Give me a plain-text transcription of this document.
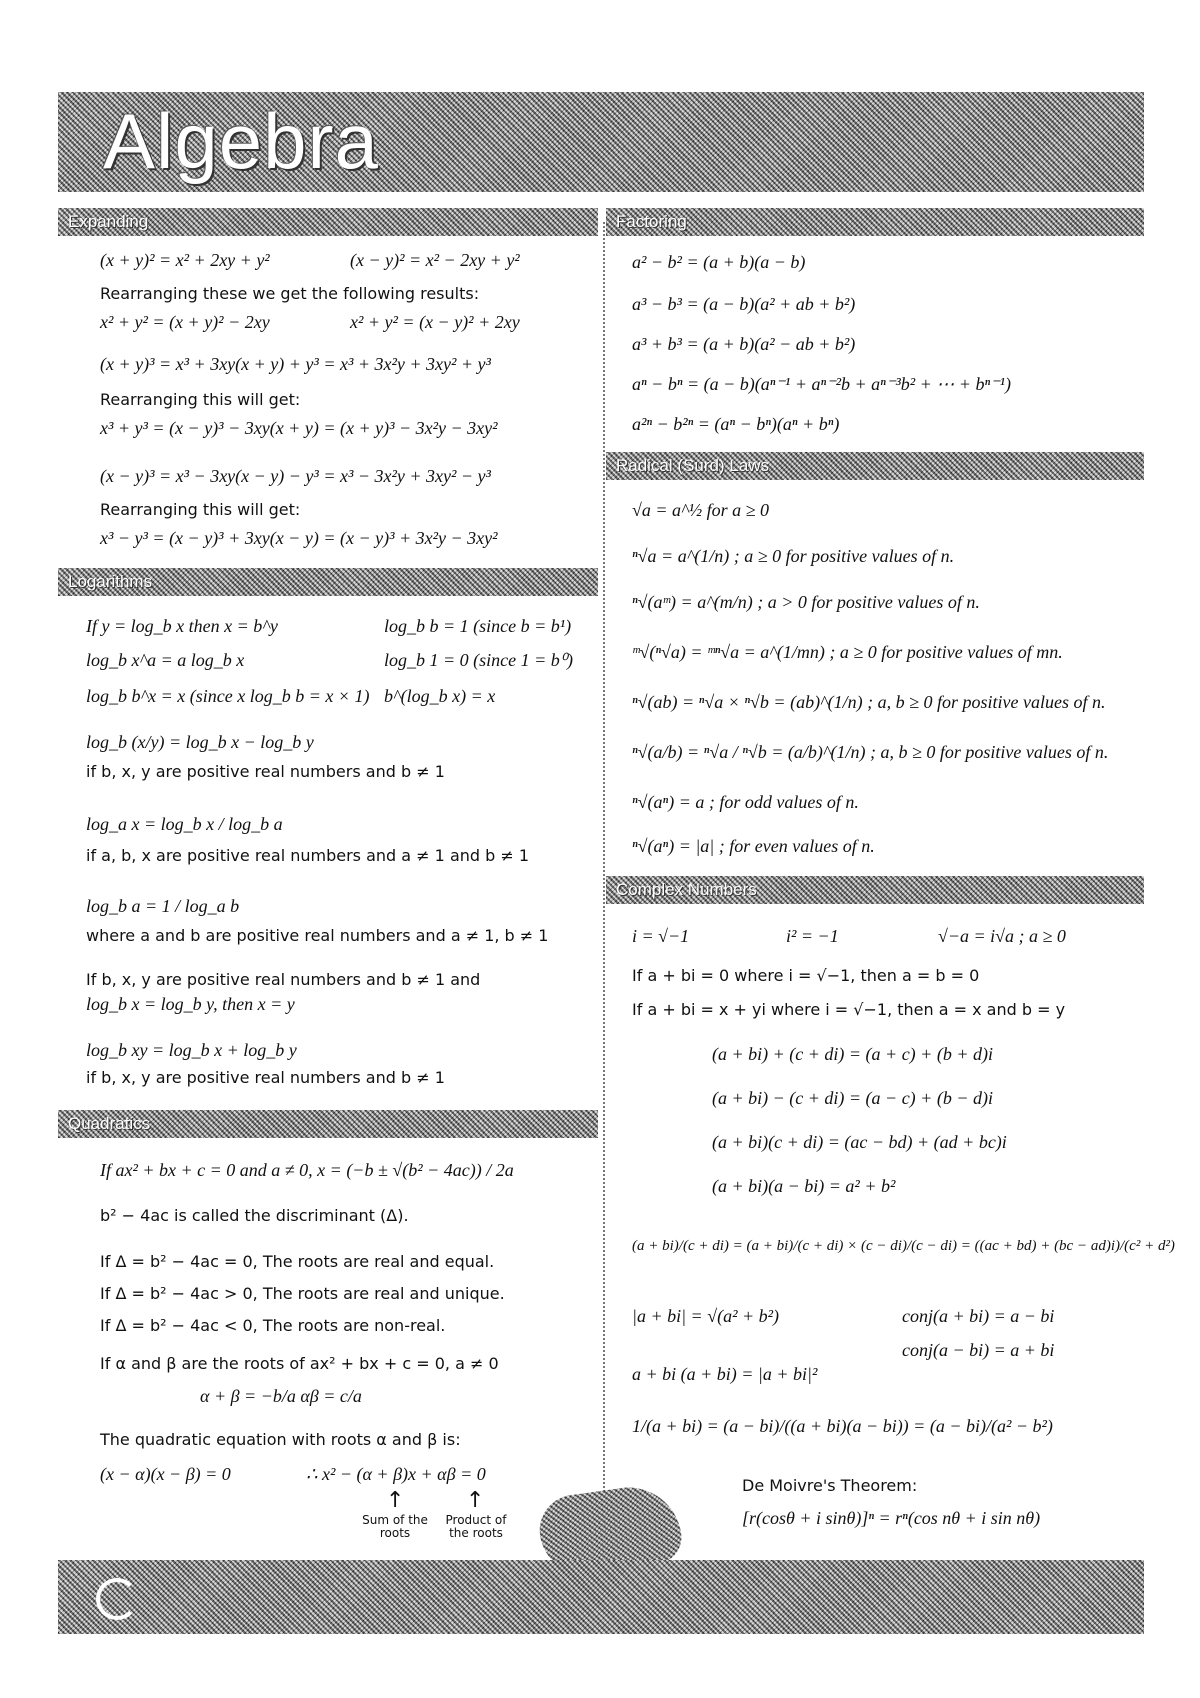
Algebra
Expanding
(x + y)² = x² + 2xy + y²	(x − y)² = x² − 2xy + y²
Rearranging these we get the following results:
x² + y² = (x + y)² − 2xy	x² + y² = (x − y)² + 2xy
(x + y)³ = x³ + 3xy(x + y) + y³ = x³ + 3x²y + 3xy² + y³
Rearranging this will get:
x³ + y³ = (x − y)³ − 3xy(x + y) = (x + y)³ − 3x²y − 3xy²
(x − y)³ = x³ − 3xy(x − y) − y³ = x³ − 3x²y + 3xy² − y³
Rearranging this will get:
x³ − y³ = (x − y)³ + 3xy(x − y) = (x − y)³ + 3x²y − 3xy²
Logarithms
If y = log_b x then x = b^y	log_b b = 1 (since b = b¹)
log_b x^a = a log_b x	log_b 1 = 0 (since 1 = b⁰)
log_b b^x = x (since x log_b b = x × 1) b^(log_b x) = x
log_b (x/y) = log_b x − log_b y
if b, x, y are positive real numbers and b ≠ 1
log_a x = log_b x / log_b a
if a, b, x are positive real numbers and a ≠ 1 and b ≠ 1
log_b a = 1 / log_a b
where a and b are positive real numbers and a ≠ 1, b ≠ 1
If b, x, y are positive real numbers and b ≠ 1 and
log_b x = log_b y, then x = y
log_b xy = log_b x + log_b y
if b, x, y are positive real numbers and b ≠ 1
Quadratics
If ax² + bx + c = 0 and a ≠ 0, x = (−b ± √(b² − 4ac)) / 2a
b² − 4ac is called the discriminant (Δ).
If Δ = b² − 4ac = 0, The roots are real and equal.
If Δ = b² − 4ac > 0, The roots are real and unique.
If Δ = b² − 4ac < 0, The roots are non-real.
If α and β are the roots of ax² + bx + c = 0, a ≠ 0
α + β = −b/a αβ = c/a
The quadratic equation with roots α and β is:
(x − α)(x − β) = 0	∴ x² − (α + β)x + αβ = 0
↑	↑
Sum of the roots
Product of the roots
Factoring
a² − b² = (a + b)(a − b)
a³ − b³ = (a − b)(a² + ab + b²)
a³ + b³ = (a + b)(a² − ab + b²)
aⁿ − bⁿ = (a − b)(aⁿ⁻¹ + aⁿ⁻²b + aⁿ⁻³b² + ⋯ + bⁿ⁻¹)
a²ⁿ − b²ⁿ = (aⁿ − bⁿ)(aⁿ + bⁿ)
Radical (Surd) Laws
√a = a^½ for a ≥ 0
ⁿ√a = a^(1/n) ; a ≥ 0 for positive values of n.
ⁿ√(aᵐ) = a^(m/n) ; a > 0 for positive values of n.
ᵐ√(ⁿ√a) = ᵐⁿ√a = a^(1/mn) ; a ≥ 0 for positive values of mn.
ⁿ√(ab) = ⁿ√a × ⁿ√b = (ab)^(1/n) ; a, b ≥ 0 for positive values of n.
ⁿ√(a/b) = ⁿ√a / ⁿ√b = (a/b)^(1/n) ; a, b ≥ 0 for positive values of n.
ⁿ√(aⁿ) = a ; for odd values of n.
ⁿ√(aⁿ) = |a| ; for even values of n.
Complex Numbers
i = √−1	i² = −1	√−a = i√a ; a ≥ 0
If a + bi = 0 where i = √−1, then a = b = 0
If a + bi = x + yi where i = √−1, then a = x and b = y
(a + bi) + (c + di) = (a + c) + (b + d)i
(a + bi) − (c + di) = (a − c) + (b − d)i
(a + bi)(c + di) = (ac − bd) + (ad + bc)i
(a + bi)(a − bi) = a² + b²
(a + bi)/(c + di) = (a + bi)/(c + di) × (c − di)/(c − di) = ((ac + bd) + (bc − ad)i)/(c² + d²)
|a + bi| = √(a² + b²)	conj(a + bi) = a − bi
conj(a − bi) = a + bi
a + bi (a + bi) = |a + bi|²
1/(a + bi) = (a − bi)/((a + bi)(a − bi)) = (a − bi)/(a² − b²)
De Moivre's Theorem:
[r(cosθ + i sinθ)]ⁿ = rⁿ(cos nθ + i sin nθ)
